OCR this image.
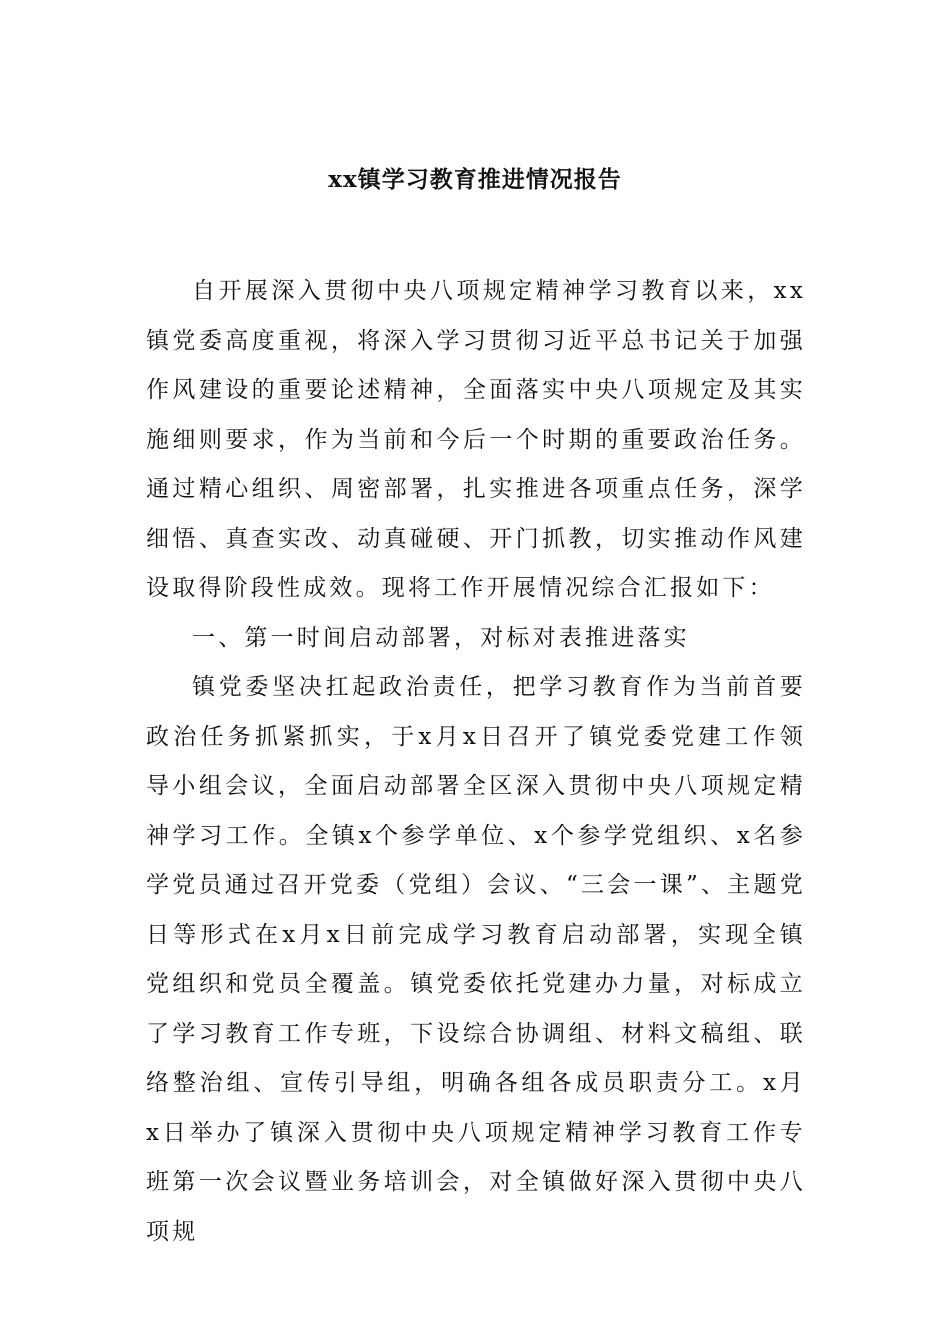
xx镇学习教育推进情况报告

自开展深入贯彻中央八项规定精神学习教育以来，xx镇党委高度重视，将深入学习贯彻习近平总书记关于加强作风建设的重要论述精神，全面落实中央八项规定及其实施细则要求，作为当前和今后一个时期的重要政治任务。通过精心组织、周密部署，扎实推进各项重点任务，深学细悟、真查实改、动真碰硬、开门抓教，切实推动作风建设取得阶段性成效。现将工作开展情况综合汇报如下：

一、第一时间启动部署，对标对表推进落实

镇党委坚决扛起政治责任，把学习教育作为当前首要政治任务抓紧抓实，于x月x日召开了镇党委党建工作领导小组会议，全面启动部署全区深入贯彻中央八项规定精神学习工作。全镇x个参学单位、x个参学党组织、x名参学党员通过召开党委（党组）会议、“三会一课”、主题党日等形式在x月x日前完成学习教育启动部署，实现全镇党组织和党员全覆盖。镇党委依托党建办力量，对标成立了学习教育工作专班，下设综合协调组、材料文稿组、联络整治组、宣传引导组，明确各组各成员职责分工。x月x日举办了镇深入贯彻中央八项规定精神学习教育工作专班第一次会议暨业务培训会，对全镇做好深入贯彻中央八项规
